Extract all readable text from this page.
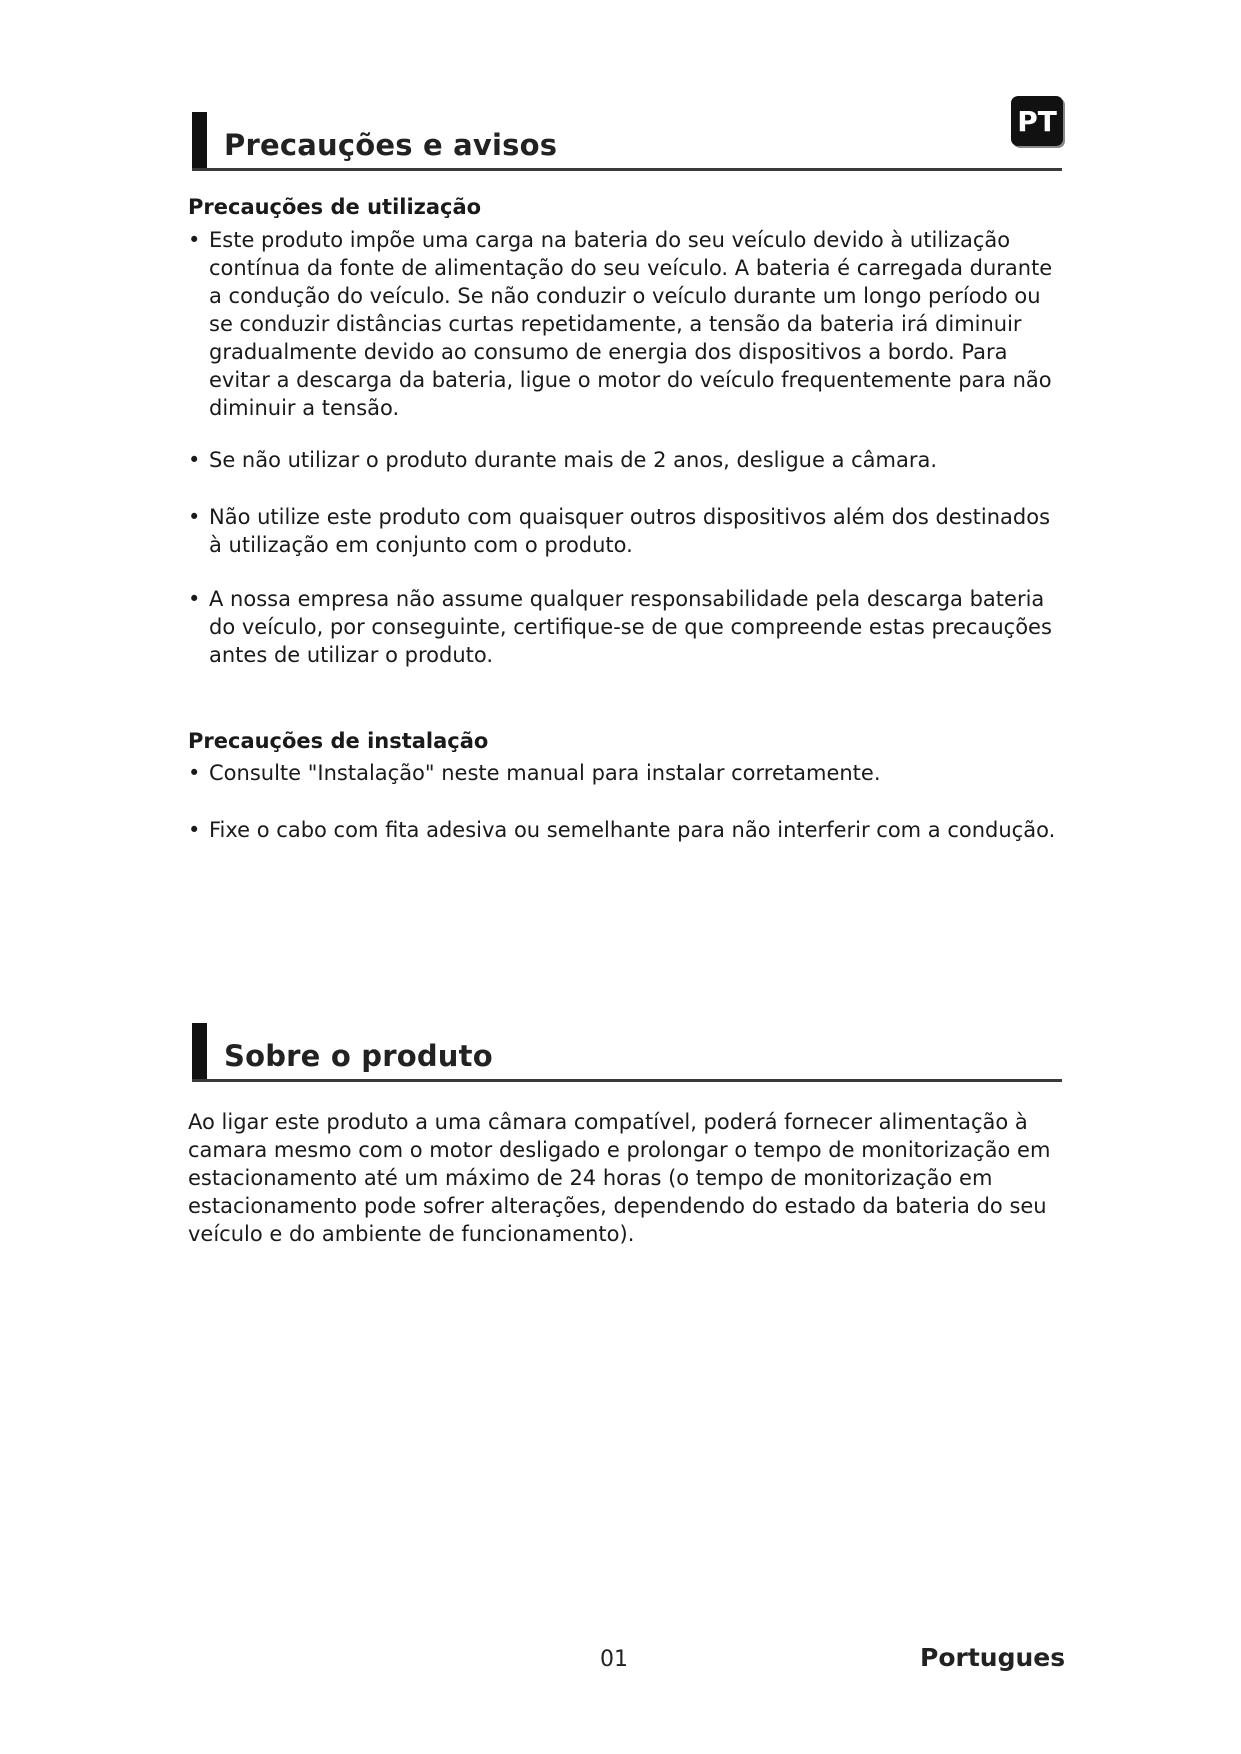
Precauções e avisos
PT
Precauções de utilização
• Este produto impõe uma carga na bateria do seu veículo devido à utilização contínua da fonte de alimentação do seu veículo. A bateria é carregada durante a condução do veículo. Se não conduzir o veículo durante um longo período ou se conduzir distâncias curtas repetidamente, a tensão da bateria irá diminuir gradualmente devido ao consumo de energia dos dispositivos a bordo. Para evitar a descarga da bateria, ligue o motor do veículo frequentemente para não diminuir a tensão.
• Se não utilizar o produto durante mais de 2 anos, desligue a câmara.
• Não utilize este produto com quaisquer outros dispositivos além dos destinados à utilização em conjunto com o produto.
• A nossa empresa não assume qualquer responsabilidade pela descarga bateria do veículo, por conseguinte, certifique-se de que compreende estas precauções antes de utilizar o produto.
Precauções de instalação
• Consulte "Instalação" neste manual para instalar corretamente.
• Fixe o cabo com fita adesiva ou semelhante para não interferir com a condução.
Sobre o produto
Ao ligar este produto a uma câmara compatível, poderá fornecer alimentação à camara mesmo com o motor desligado e prolongar o tempo de monitorização em estacionamento até um máximo de 24 horas (o tempo de monitorização em estacionamento pode sofrer alterações, dependendo do estado da bateria do seu veículo e do ambiente de funcionamento).
01	Portugues
